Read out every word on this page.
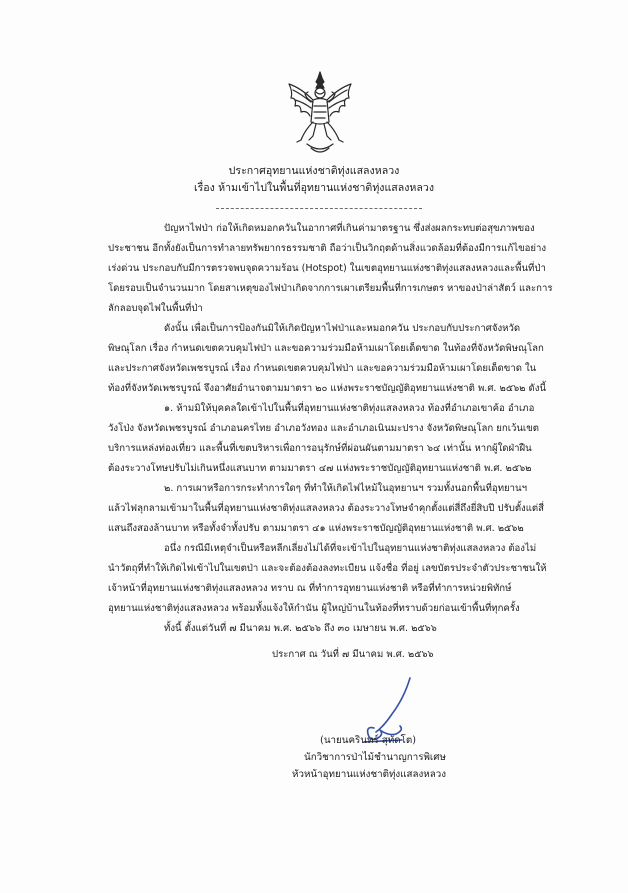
ประกาศอุทยานแห่งชาติทุ่งแสลงหลวง
เรื่อง ห้ามเข้าไปในพื้นที่อุทยานแห่งชาติทุ่งแสลงหลวง
ปัญหาไฟป่า ก่อให้เกิดหมอกควันในอากาศที่เกินค่ามาตรฐาน ซึ่งส่งผลกระทบต่อสุขภาพของ
ประชาชน อีกทั้งยังเป็นการทำลายทรัพยากรธรรมชาติ ถือว่าเป็นวิกฤตด้านสิ่งแวดล้อมที่ต้องมีการแก้ไขอย่าง
เร่งด่วน ประกอบกับมีการตรวจพบจุดความร้อน (Hotspot) ในเขตอุทยานแห่งชาติทุ่งแสลงหลวงและพื้นที่ป่า
โดยรอบเป็นจำนวนมาก โดยสาเหตุของไฟป่าเกิดจากการเผาเตรียมพื้นที่การเกษตร หาของป่าล่าสัตว์ และการ
ลักลอบจุดไฟในพื้นที่ป่า
ดังนั้น เพื่อเป็นการป้องกันมิให้เกิดปัญหาไฟป่าและหมอกควัน ประกอบกับประกาศจังหวัด
พิษณุโลก เรื่อง กำหนดเขตควบคุมไฟป่า และขอความร่วมมือห้ามเผาโดยเด็ดขาด ในท้องที่จังหวัดพิษณุโลก
และประกาศจังหวัดเพชรบูรณ์ เรื่อง กำหนดเขตควบคุมไฟป่า และขอความร่วมมือห้ามเผาโดยเด็ดขาด ใน
ท้องที่จังหวัดเพชรบูรณ์ จึงอาศัยอำนาจตามมาตรา ๒๐ แห่งพระราชบัญญัติอุทยานแห่งชาติ พ.ศ. ๒๕๖๒ ดังนี้
๑. ห้ามมิให้บุคคลใดเข้าไปในพื้นที่อุทยานแห่งชาติทุ่งแสลงหลวง ท้องที่อำเภอเขาค้อ อำเภอ
วังโป่ง จังหวัดเพชรบูรณ์ อำเภอนครไทย อำเภอวังทอง และอำเภอเนินมะปราง จังหวัดพิษณุโลก ยกเว้นเขต
บริการแหล่งท่องเที่ยว และพื้นที่เขตบริหารเพื่อการอนุรักษ์ที่ผ่อนผันตามมาตรา ๖๔ เท่านั้น หากผู้ใดฝ่าฝืน
ต้องระวางโทษปรับไม่เกินหนึ่งแสนบาท ตามมาตรา ๔๗ แห่งพระราชบัญญัติอุทยานแห่งชาติ พ.ศ. ๒๕๖๒
๒. การเผาหรือการกระทำการใดๆ ที่ทำให้เกิดไฟไหม้ในอุทยานฯ รวมทั้งนอกพื้นที่อุทยานฯ
แล้วไฟลุกลามเข้ามาในพื้นที่อุทยานแห่งชาติทุ่งแสลงหลวง ต้องระวางโทษจำคุกตั้งแต่สี่ถึงยี่สิบปี ปรับตั้งแต่สี่
แสนถึงสองล้านบาท หรือทั้งจำทั้งปรับ ตามมาตรา ๔๑ แห่งพระราชบัญญัติอุทยานแห่งชาติ พ.ศ. ๒๕๖๒
อนึ่ง กรณีมีเหตุจำเป็นหรือหลีกเลี่ยงไม่ได้ที่จะเข้าไปในอุทยานแห่งชาติทุ่งแสลงหลวง ต้องไม่
นำวัตถุที่ทำให้เกิดไฟเข้าไปในเขตป่า และจะต้องต้องลงทะเบียน แจ้งชื่อ ที่อยู่ เลขบัตรประจำตัวประชาชนให้
เจ้าหน้าที่อุทยานแห่งชาติทุ่งแสลงหลวง ทราบ ณ ที่ทำการอุทยานแห่งชาติ หรือที่ทำการหน่วยพิทักษ์
อุทยานแห่งชาติทุ่งแสลงหลวง พร้อมทั้งแจ้งให้กำนัน ผู้ใหญ่บ้านในท้องที่ทราบด้วยก่อนเข้าพื้นที่ทุกครั้ง
ทั้งนี้ ตั้งแต่วันที่ ๗ มีนาคม พ.ศ. ๒๕๖๖ ถึง ๓๐ เมษายน พ.ศ. ๒๕๖๖
ประกาศ ณ วันที่ ๗ มีนาคม พ.ศ. ๒๕๖๖
(นายนครินทร์ สุทัดโต)
นักวิชาการป่าไม้ชำนาญการพิเศษ
หัวหน้าอุทยานแห่งชาติทุ่งแสลงหลวง
